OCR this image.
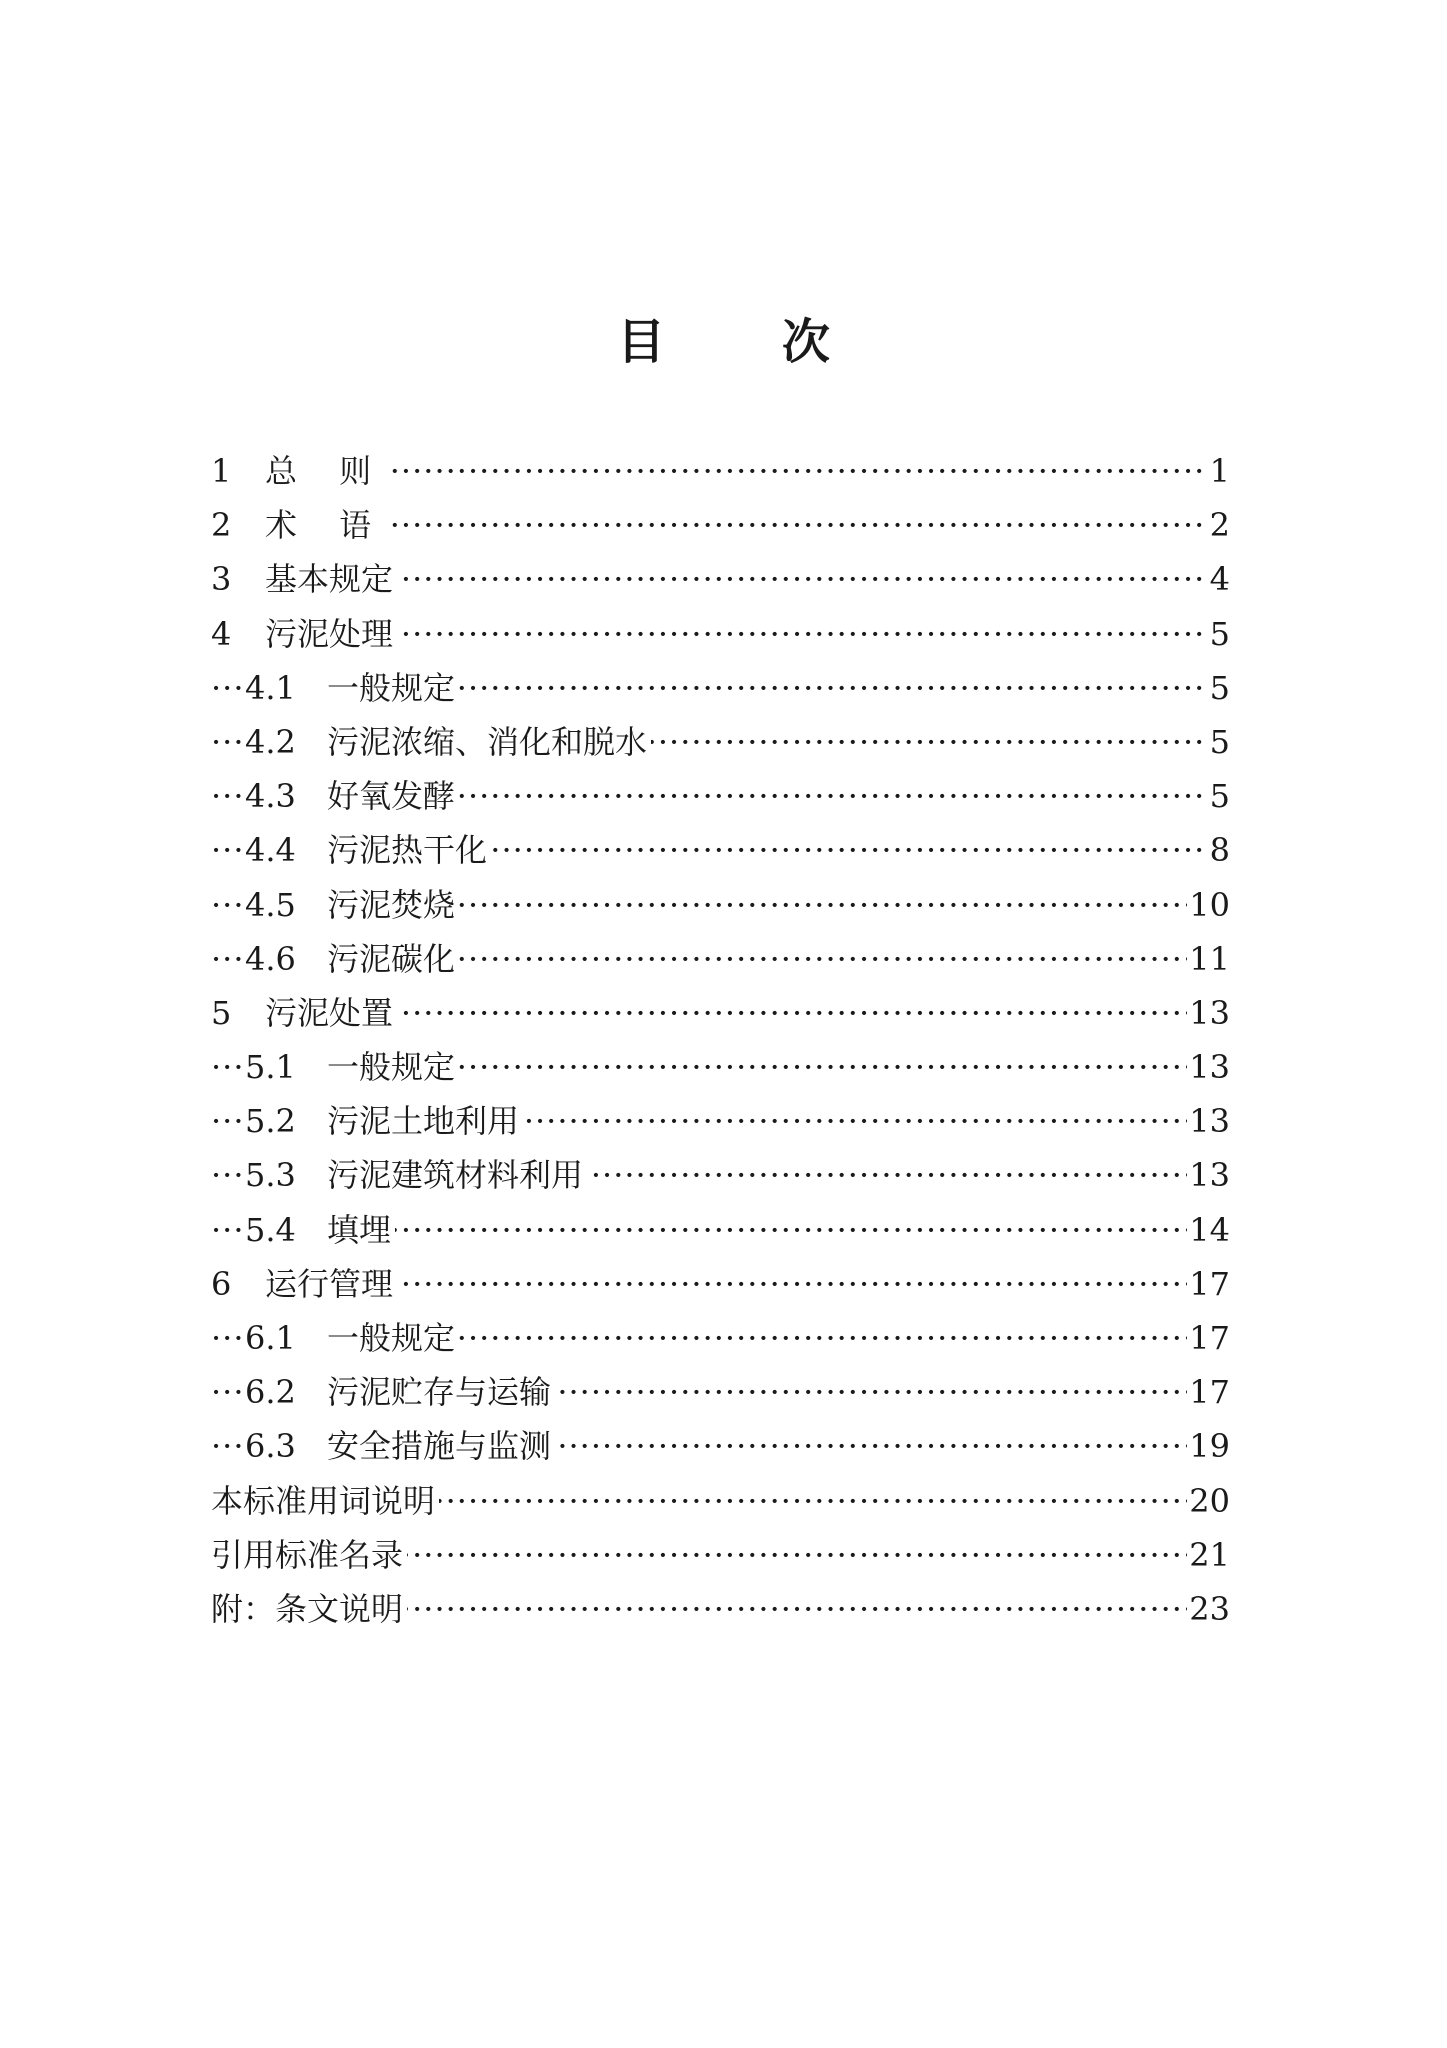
目 次
1 总 则	1
·····
2 术 语	2
·····
3 基本规定	4
·····
4 污泥处理	5
·····
4.1 一般规定	5
·····
4.2 污泥浓缩、消化和脱水	5
·····
4.3 好氧发酵	5
·····
4.4 污泥热干化	8
·····
4.5 污泥焚烧	10
·····
4.6 污泥碳化	11
·····
5 污泥处置	13
·····
5.1 一般规定	13
·····
5.2 污泥土地利用	13
·····
5.3 污泥建筑材料利用	13
·····
5.4 填埋	14
·····
6 运行管理	17
·····
6.1 一般规定	17
·····
6.2 污泥贮存与运输	17
·····
6.3 安全措施与监测	19
·····
本标准用词说明	20
·····
引用标准名录	21
·····
附：条文说明	23
·····
